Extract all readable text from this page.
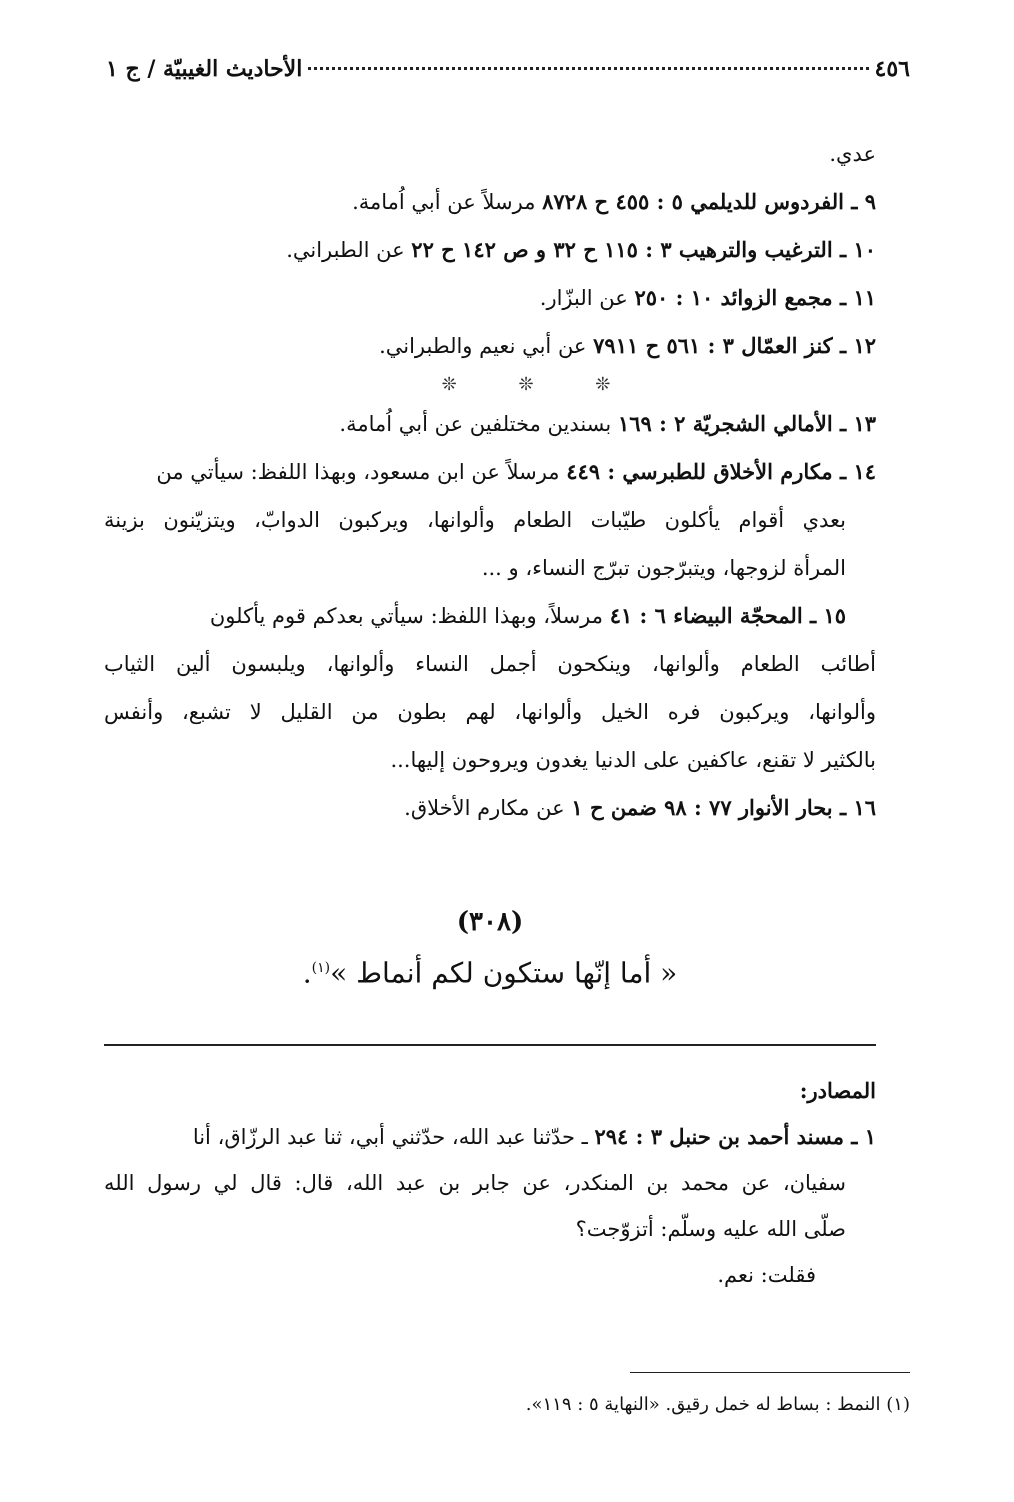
٤٥٦
الأحاديث الغيبيّة / ج ١
عدي.
٩ ـ الفردوس للديلمي ٥ : ٤٥٥ ح ٨٧٢٨ مرسلاً عن أبي اُمامة.
١٠ ـ الترغيب والترهيب ٣ : ١١٥ ح ٣٢ و ص ١٤٢ ح ٢٢ عن الطبراني.
١١ ـ مجمع الزوائد ١٠ : ٢٥٠ عن البزّار.
١٢ ـ كنز العمّال ٣ : ٥٦١ ح ٧٩١١ عن أبي نعيم والطبراني.
❊ ❊ ❊
١٣ ـ الأمالي الشجريّة ٢ : ١٦٩ بسندين مختلفين عن أبي اُمامة.
١٤ ـ مكارم الأخلاق للطبرسي : ٤٤٩ مرسلاً عن ابن مسعود، وبهذا اللفظ: سيأتي من
بعدي أقوام يأكلون طيّبات الطعام وألوانها، ويركبون الدوابّ، ويتزيّنون بزينة
المرأة لزوجها، ويتبرّجون تبرّج النساء، و ...
١٥ ـ المحجّة البيضاء ٦ : ٤١ مرسلاً، وبهذا اللفظ: سيأتي بعدكم قوم يأكلون
أطائب الطعام وألوانها، وينكحون أجمل النساء وألوانها، ويلبسون ألين الثياب
وألوانها، ويركبون فره الخيل وألوانها، لهم بطون من القليل لا تشبع، وأنفس
بالكثير لا تقنع، عاكفين على الدنيا يغدون ويروحون إليها...
١٦ ـ بحار الأنوار ٧٧ : ٩٨ ضمن ح ١ عن مكارم الأخلاق.
(٣٠٨)
« أما إنّها ستكون لكم أنماط »$^{(١)}$.
المصادر:
١ ـ مسند أحمد بن حنبل ٣ : ٢٩٤ ـ حدّثنا عبد الله، حدّثني أبي، ثنا عبد الرزّاق، أنا
سفيان، عن محمد بن المنكدر، عن جابر بن عبد الله، قال: قال لي رسول الله
صلّى الله عليه وسلّم: أتزوّجت؟
فقلت: نعم.
(١) النمط : بساط له خمل رقيق. «النهاية ٥ : ١١٩».
